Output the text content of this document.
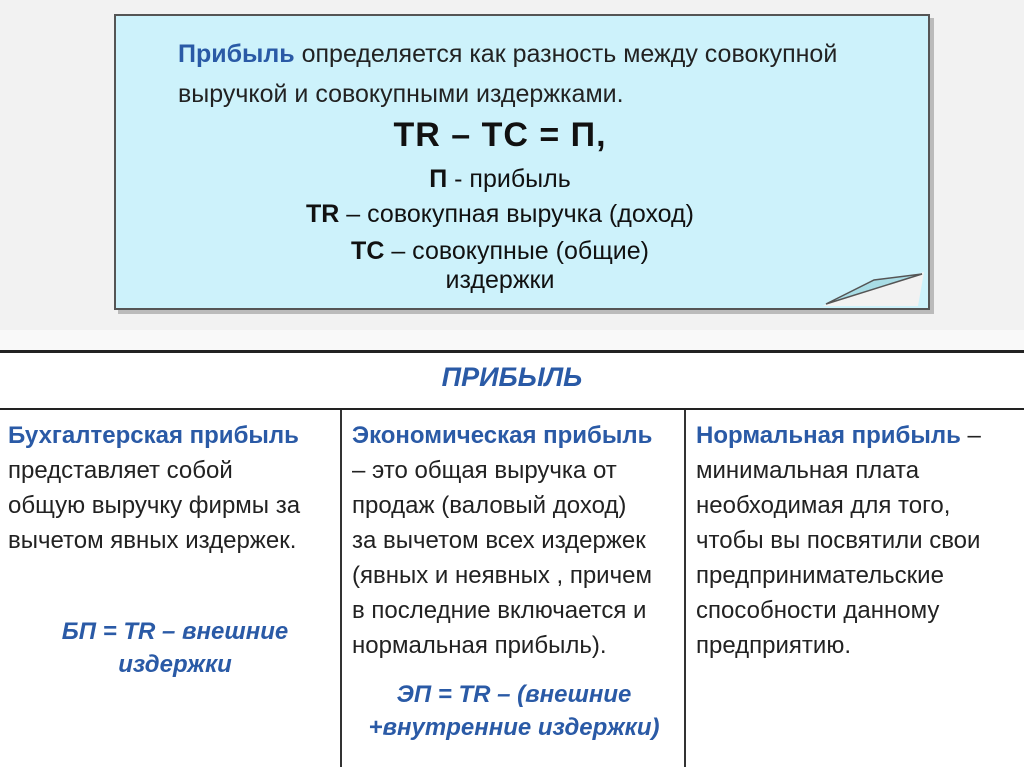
Прибыль определяется как разность между совокупной
выручкой и совокупными издержками.
TR – TC = П,
П - прибыль
TR – совокупная выручка (доход)
TC – совокупные (общие) издержки
ПРИБЫЛЬ
Бухгалтерская прибыль
представляет собой
общую выручку фирмы за
вычетом явных издержек.
БП = TR – внешние
издержки
Экономическая прибыль
– это общая выручка от
продаж (валовый доход)
за вычетом всех издержек
(явных и неявных , причем
в последние включается и
нормальная прибыль).
ЭП = TR – (внешние
+внутренние издержки)
Нормальная прибыль –
минимальная плата
необходимая для того,
чтобы вы посвятили свои
предпринимательские
способности данному
предприятию.
